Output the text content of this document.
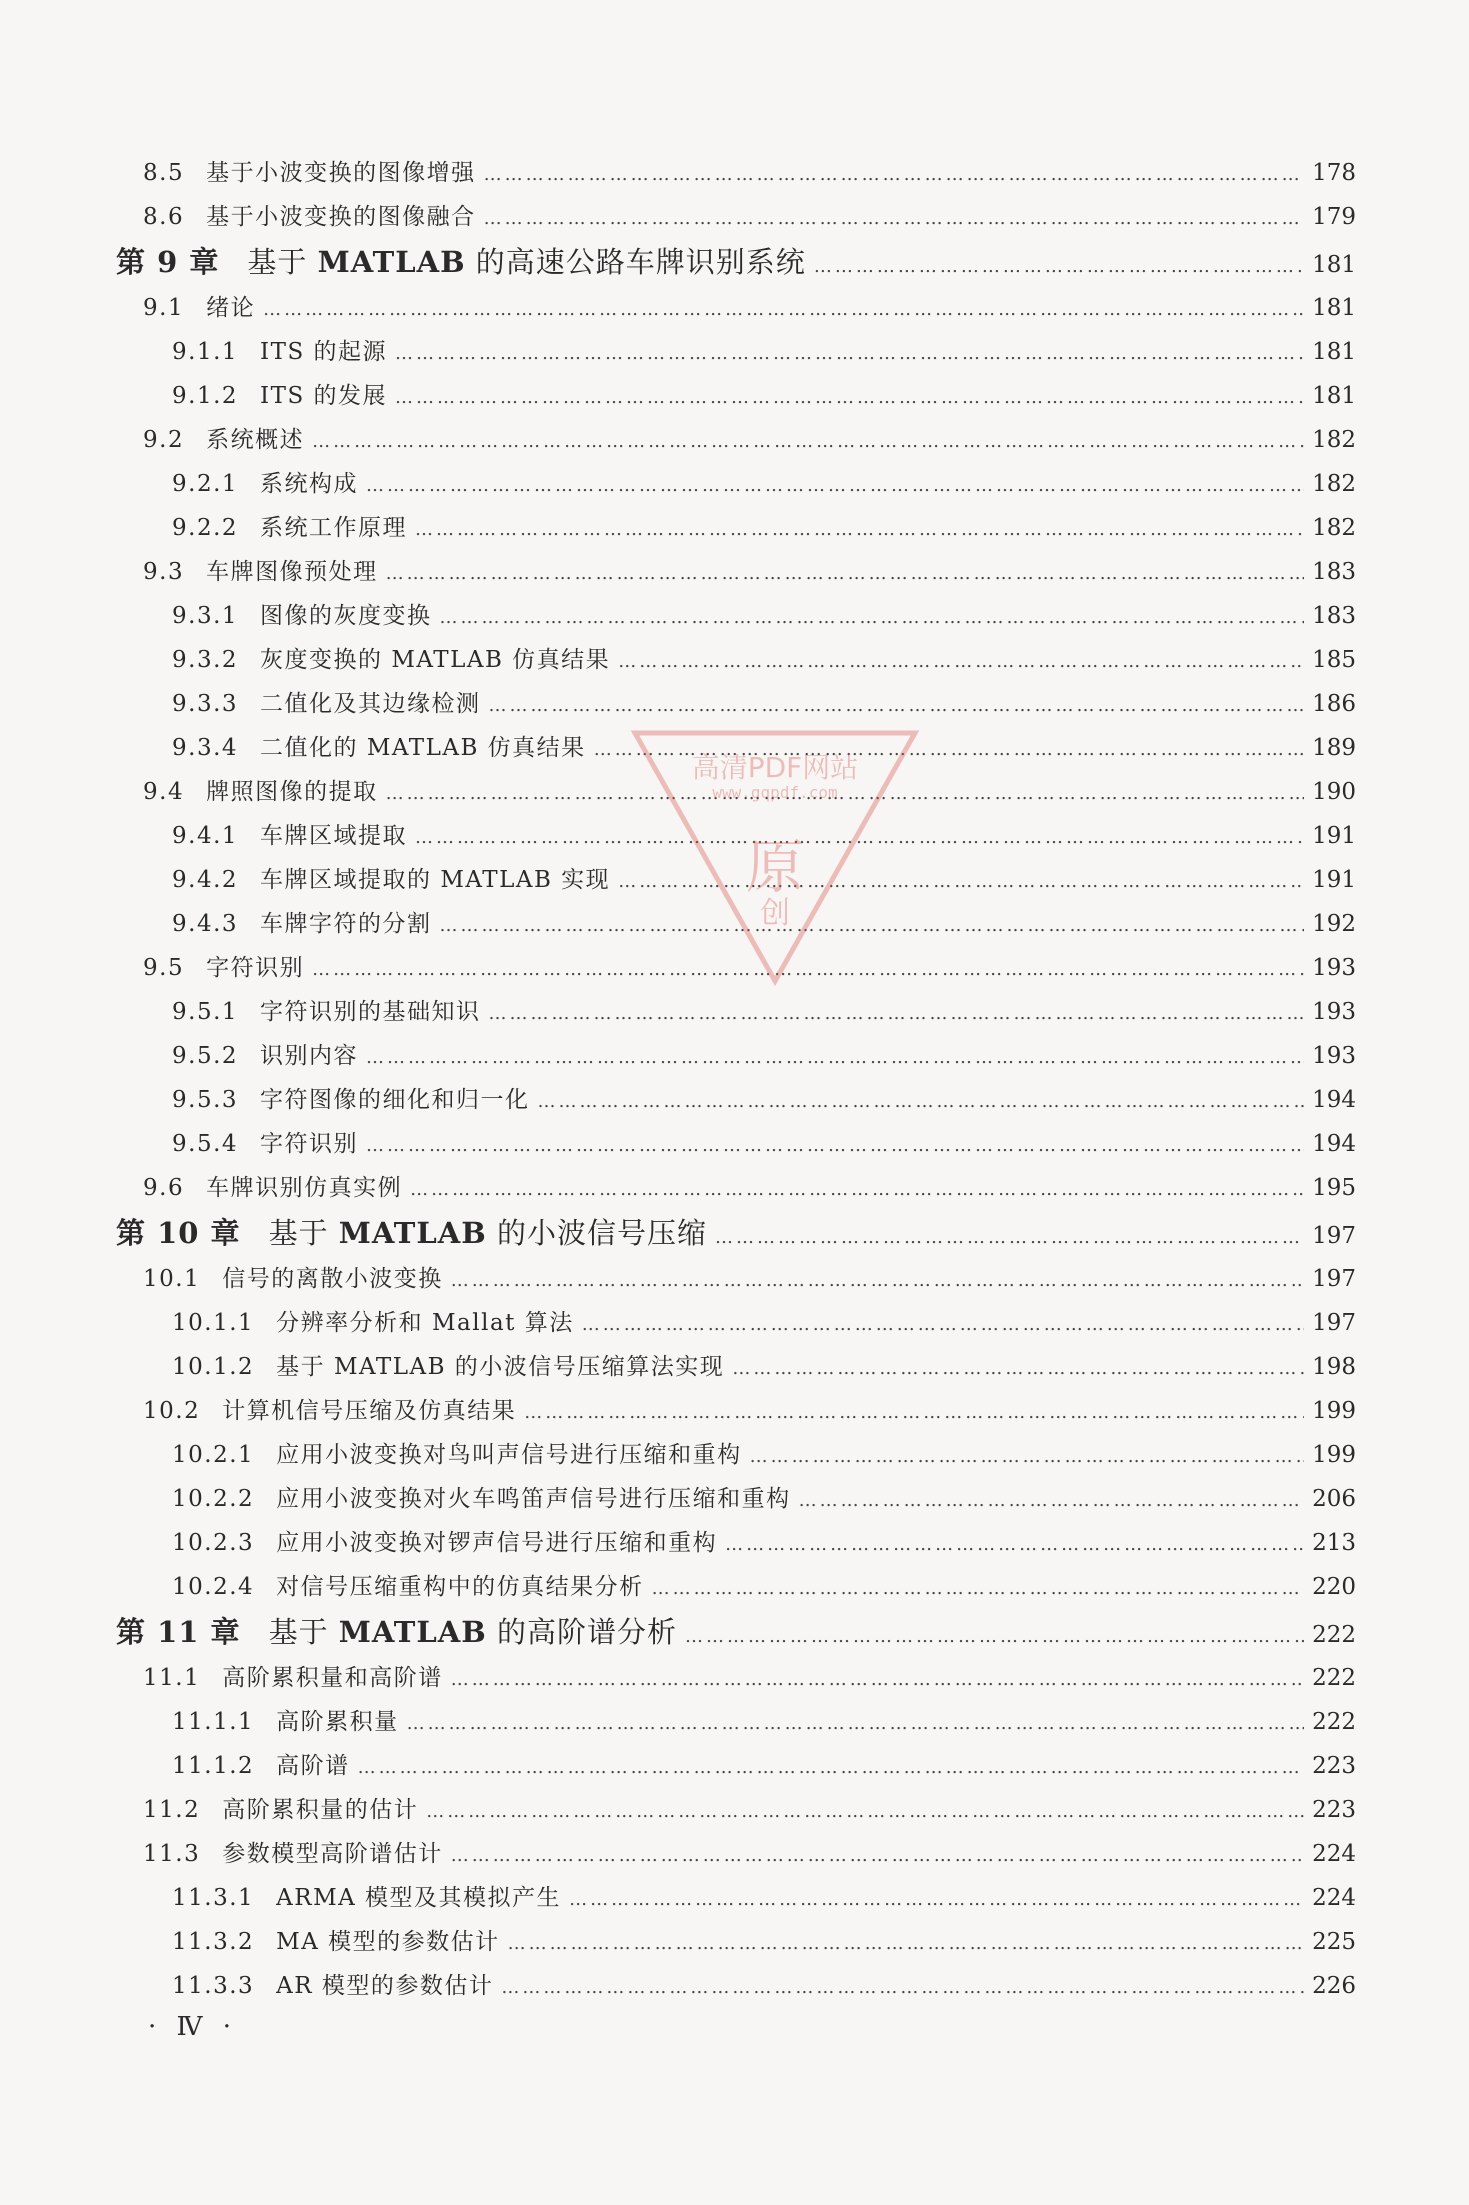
8.5 基于小波变换的图像增强 ………………………………………………………………………………………………………………………………………………………………………………………………………………………………	178
8.6 基于小波变换的图像融合 ………………………………………………………………………………………………………………………………………………………………………………………………………………………………	179
第 9 章 基于 MATLAB 的高速公路车牌识别系统 ………………………………………………………………………………………………………………………………………………………………………………………………………………………………	181
9.1 绪论 ………………………………………………………………………………………………………………………………………………………………………………………………………………………………	181
9.1.1 ITS 的起源 ………………………………………………………………………………………………………………………………………………………………………………………………………………………………	181
9.1.2 ITS 的发展 ………………………………………………………………………………………………………………………………………………………………………………………………………………………………	181
9.2 系统概述 ………………………………………………………………………………………………………………………………………………………………………………………………………………………………	182
9.2.1 系统构成 ………………………………………………………………………………………………………………………………………………………………………………………………………………………………	182
9.2.2 系统工作原理 ………………………………………………………………………………………………………………………………………………………………………………………………………………………………	182
9.3 车牌图像预处理 ………………………………………………………………………………………………………………………………………………………………………………………………………………………………	183
9.3.1 图像的灰度变换 ………………………………………………………………………………………………………………………………………………………………………………………………………………………………	183
9.3.2 灰度变换的 MATLAB 仿真结果 ………………………………………………………………………………………………………………………………………………………………………………………………………………………………	185
9.3.3 二值化及其边缘检测 ………………………………………………………………………………………………………………………………………………………………………………………………………………………………	186
9.3.4 二值化的 MATLAB 仿真结果 ………………………………………………………………………………………………………………………………………………………………………………………………………………………………	189
9.4 牌照图像的提取 ………………………………………………………………………………………………………………………………………………………………………………………………………………………………	190
9.4.1 车牌区域提取 ………………………………………………………………………………………………………………………………………………………………………………………………………………………………	191
9.4.2 车牌区域提取的 MATLAB 实现 ………………………………………………………………………………………………………………………………………………………………………………………………………………………………	191
9.4.3 车牌字符的分割 ………………………………………………………………………………………………………………………………………………………………………………………………………………………………	192
9.5 字符识别 ………………………………………………………………………………………………………………………………………………………………………………………………………………………………	193
9.5.1 字符识别的基础知识 ………………………………………………………………………………………………………………………………………………………………………………………………………………………………	193
9.5.2 识别内容 ………………………………………………………………………………………………………………………………………………………………………………………………………………………………	193
9.5.3 字符图像的细化和归一化 ………………………………………………………………………………………………………………………………………………………………………………………………………………………………	194
9.5.4 字符识别 ………………………………………………………………………………………………………………………………………………………………………………………………………………………………	194
9.6 车牌识别仿真实例 ………………………………………………………………………………………………………………………………………………………………………………………………………………………………	195
第 10 章 基于 MATLAB 的小波信号压缩 ………………………………………………………………………………………………………………………………………………………………………………………………………………………………	197
10.1 信号的离散小波变换 ………………………………………………………………………………………………………………………………………………………………………………………………………………………………	197
10.1.1 分辨率分析和 Mallat 算法 ………………………………………………………………………………………………………………………………………………………………………………………………………………………………	197
10.1.2 基于 MATLAB 的小波信号压缩算法实现 ………………………………………………………………………………………………………………………………………………………………………………………………………………………………	198
10.2 计算机信号压缩及仿真结果 ………………………………………………………………………………………………………………………………………………………………………………………………………………………………	199
10.2.1 应用小波变换对鸟叫声信号进行压缩和重构 ………………………………………………………………………………………………………………………………………………………………………………………………………………………………	199
10.2.2 应用小波变换对火车鸣笛声信号进行压缩和重构 ………………………………………………………………………………………………………………………………………………………………………………………………………………………………	206
10.2.3 应用小波变换对锣声信号进行压缩和重构 ………………………………………………………………………………………………………………………………………………………………………………………………………………………………	213
10.2.4 对信号压缩重构中的仿真结果分析 ………………………………………………………………………………………………………………………………………………………………………………………………………………………………	220
第 11 章 基于 MATLAB 的高阶谱分析 ………………………………………………………………………………………………………………………………………………………………………………………………………………………………	222
11.1 高阶累积量和高阶谱 ………………………………………………………………………………………………………………………………………………………………………………………………………………………………	222
11.1.1 高阶累积量 ………………………………………………………………………………………………………………………………………………………………………………………………………………………………	222
11.1.2 高阶谱 ………………………………………………………………………………………………………………………………………………………………………………………………………………………………	223
11.2 高阶累积量的估计 ………………………………………………………………………………………………………………………………………………………………………………………………………………………………	223
11.3 参数模型高阶谱估计 ………………………………………………………………………………………………………………………………………………………………………………………………………………………………	224
11.3.1 ARMA 模型及其模拟产生 ………………………………………………………………………………………………………………………………………………………………………………………………………………………………	224
11.3.2 MA 模型的参数估计 ………………………………………………………………………………………………………………………………………………………………………………………………………………………………	225
11.3.3 AR 模型的参数估计 ………………………………………………………………………………………………………………………………………………………………………………………………………………………………	226
· Ⅳ ·
高清PDF网站
www.gqpdf.com
原
创
